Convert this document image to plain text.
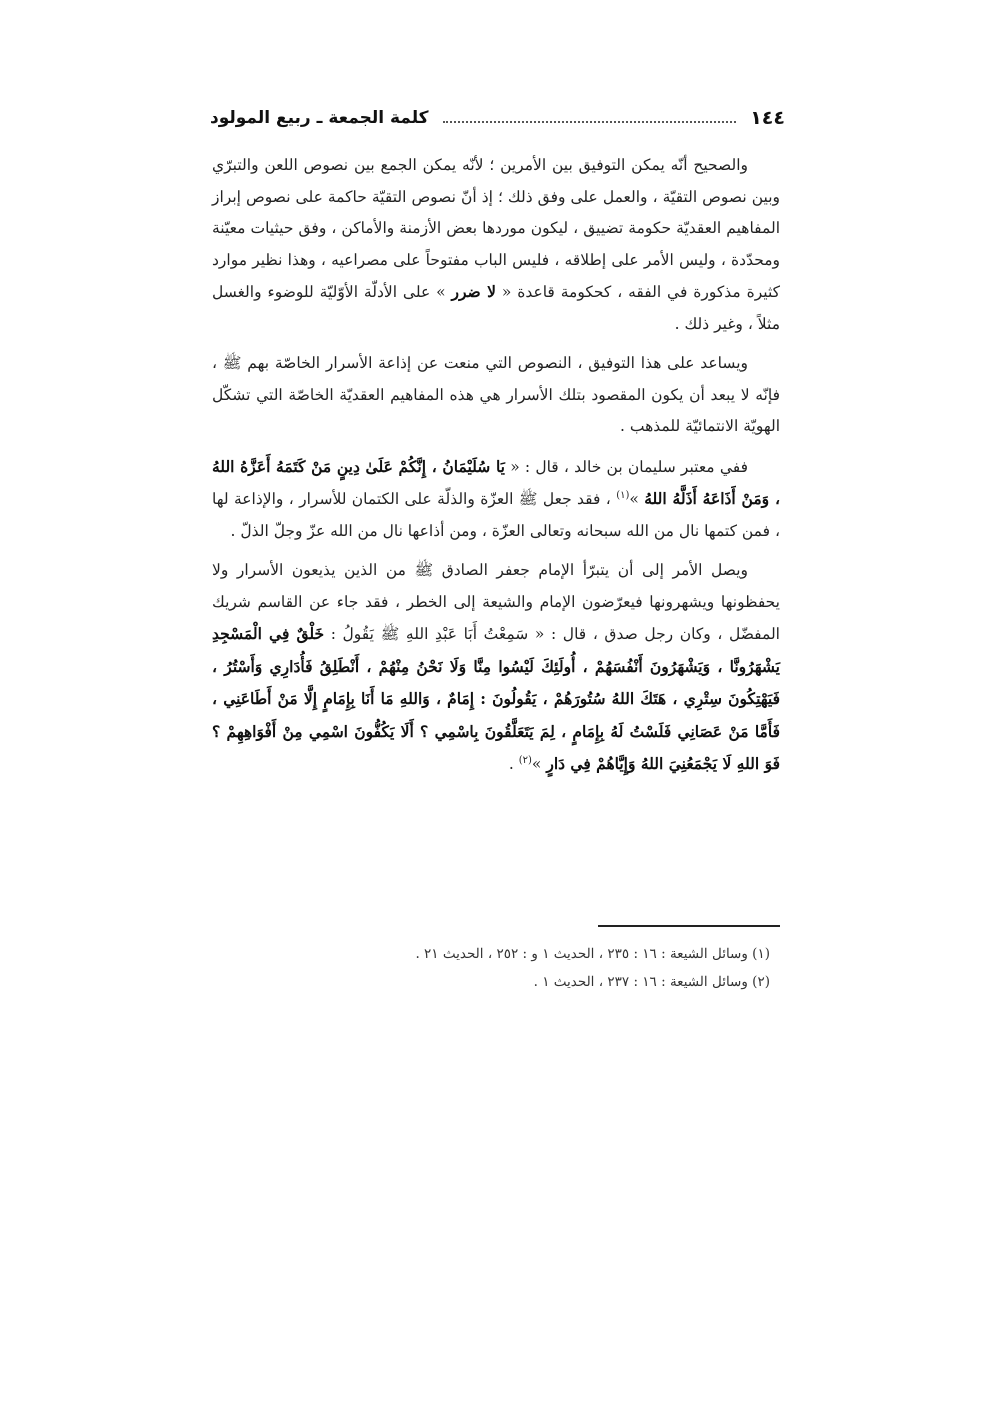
١٤٤
كلمة الجمعة ـ ربيع المولود

والصحيح أنّه يمكن التوفيق بين الأمرين ؛ لأنّه يمكن الجمع بين نصوص اللعن والتبرّي وبين نصوص التقيّة ، والعمل على وفق ذلك ؛ إذ أنّ نصوص التقيّة حاكمة على نصوص إبراز المفاهيم العقديّة حكومة تضييق ، ليكون موردها بعض الأزمنة والأماكن ، وفق حيثيات معيّنة ومحدّدة ، وليس الأمر على إطلاقه ، فليس الباب مفتوحاً على مصراعيه ، وهذا نظير موارد كثيرة مذكورة في الفقه ، كحكومة قاعدة « لا ضرر » على الأدلّة الأوّليّة للوضوء والغسل مثلاً ، وغير ذلك .

ويساعد على هذا التوفيق ، النصوص التي منعت عن إذاعة الأسرار الخاصّة بهم ﷺ ، فإنّه لا يبعد أن يكون المقصود بتلك الأسرار هي هذه المفاهيم العقديّة الخاصّة التي تشكّل الهويّة الانتمائيّة للمذهب .

ففي معتبر سليمان بن خالد ، قال : « يَا سُلَيْمَانُ ، إِنَّكُمْ عَلَىٰ دِينٍ مَنْ كَتَمَهُ أَعَزَّهُ اللهُ ، وَمَنْ أَذَاعَهُ أَذَلَّهُ اللهُ »$^{(١)}$ ، فقد جعل ﷺ العزّة والذلّة على الكتمان للأسرار ، والإذاعة لها ، فمن كتمها نال من الله سبحانه وتعالى العزّة ، ومن أذاعها نال من الله عزّ وجلّ الذلّ .

ويصل الأمر إلى أن يتبرّأ الإمام جعفر الصادق ﷺ من الذين يذيعون الأسرار ولا يحفظونها ويشهرونها فيعرّضون الإمام والشيعة إلى الخطر ، فقد جاء عن القاسم شريك المفضّل ، وكان رجل صدق ، قال : « سَمِعْتُ أَبَا عَبْدِ اللهِ ﷺ يَقُولُ : خَلْقٌ فِي الْمَسْجِدِ يَشْهَرُونَّا ، وَيَشْهَرُونَ أَنْفُسَهُمْ ، أُولَئِكَ لَيْسُوا مِنَّا وَلَا نَحْنُ مِنْهُمْ ، أَنْطَلِقُ فَأُدَارِي وَأَسْتُرُ ، فَيَهْتِكُونَ سِتْرِي ، هَتَكَ اللهُ سُتُورَهُمْ ، يَقُولُونَ : إِمَامٌ ، وَاللهِ مَا أَنَا بِإِمَامٍ إِلَّا مَنْ أَطَاعَنِي ، فَأَمَّا مَنْ عَصَانِي فَلَسْتُ لَهُ بِإِمَامٍ ، لِمَ يَتَعَلَّقُونَ بِاسْمِي ؟ أَلَا يَكُفُّونَ اسْمِي مِنْ أَفْوَاهِهِمْ ؟ فَوَ اللهِ لَا يَجْمَعُنِيَ اللهُ وَإِيَّاهُمْ فِي دَارٍ »$^{(٢)}$ .

(١) وسائل الشيعة : ١٦ : ٢٣٥ ، الحديث ١ و : ٢٥٢ ، الحديث ٢١ .

(٢) وسائل الشيعة : ١٦ : ٢٣٧ ، الحديث ١ .
